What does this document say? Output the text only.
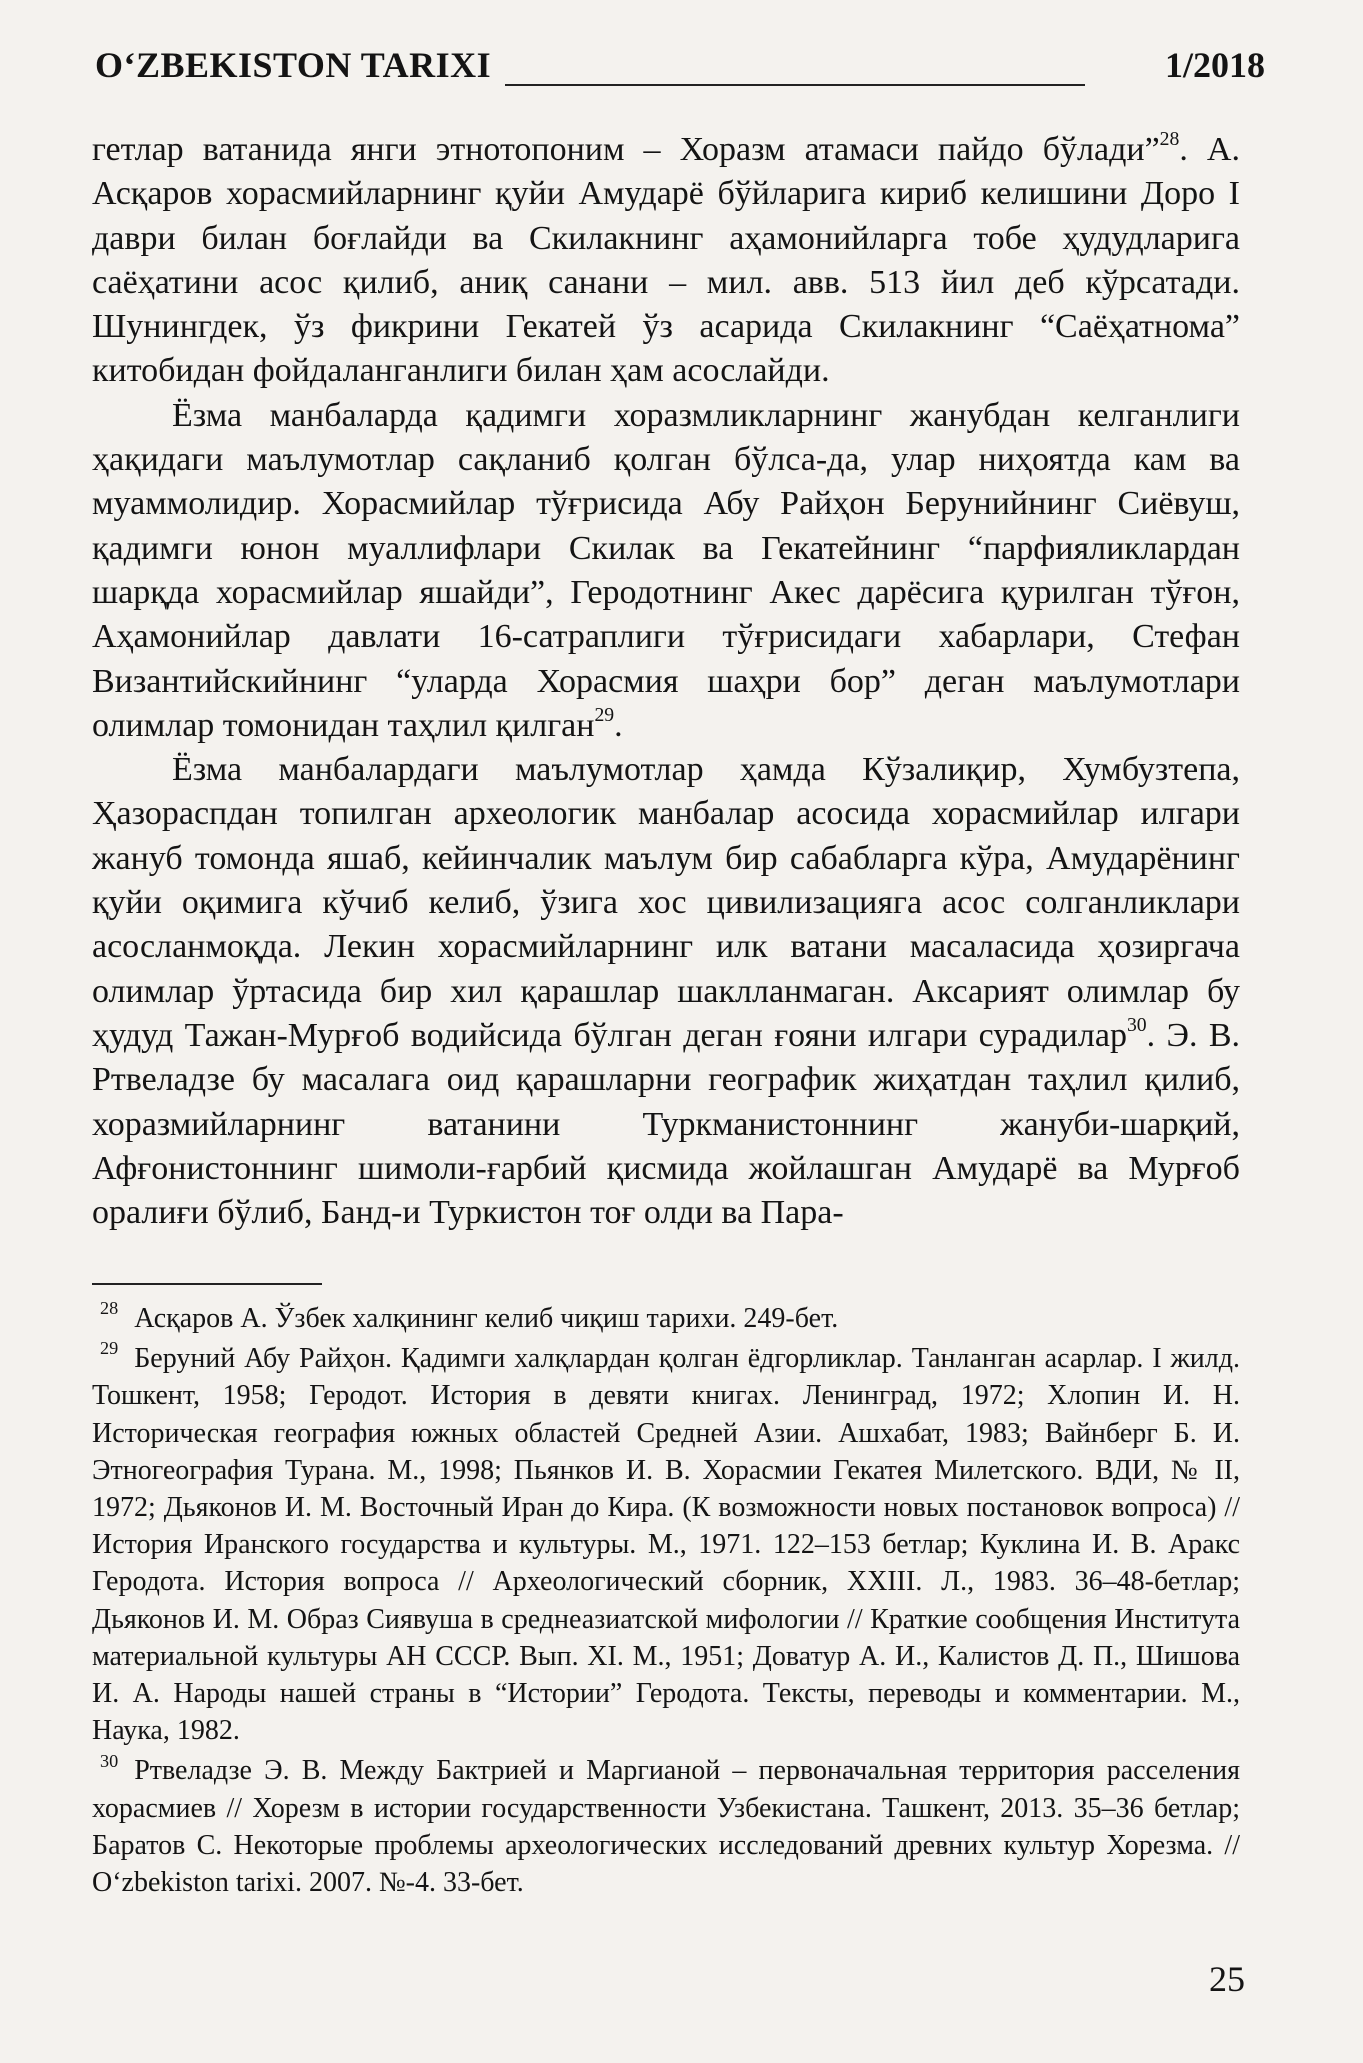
O‘ZBEKISTON TARIXI	1/2018

гетлар ватанида янги этнотопоним – Хоразм атамаси пайдо бўлади”$^{28}$. А. Асқаров хорасмийларнинг қуйи Амударё бўйларига кириб келишини Доро I даври билан боғлайди ва Скилакнинг аҳамонийларга тобе ҳудудларига саёҳатини асос қилиб, аниқ санани – мил. авв. 513 йил деб кўрсатади. Шунингдек, ўз фикрини Гекатей ўз асарида Скилакнинг “Саёҳатнома” китобидан фойдаланганлиги билан ҳам асослайди.

Ёзма манбаларда қадимги хоразмликларнинг жанубдан келганлиги ҳақидаги маълумотлар сақланиб қолган бўлса-да, улар ниҳоятда кам ва муаммолидир. Хорасмийлар тўғрисида Абу Райҳон Берунийнинг Сиёвуш, қадимги юнон муаллифлари Скилак ва Гекатейнинг “парфияликлардан шарқда хорасмийлар яшайди”, Геродотнинг Акес дарёсига қурилган тўғон, Аҳамонийлар давлати 16-сатраплиги тўғрисидаги хабарлари, Стефан Византийскийнинг “уларда Хорасмия шаҳри бор” деган маълумотлари олимлар томонидан таҳлил қилган$^{29}$.

Ёзма манбалардаги маълумотлар ҳамда Кўзалиқир, Хумбузтепа, Ҳазораспдан топилган археологик манбалар асосида хорасмийлар илгари жануб томонда яшаб, кейинчалик маълум бир сабабларга кўра, Амударёнинг қуйи оқимига кўчиб келиб, ўзига хос цивилизацияга асос солганликлари асосланмоқда. Лекин хорасмийларнинг илк ватани масаласида ҳозиргача олимлар ўртасида бир хил қарашлар шаклланмаган. Аксарият олимлар бу ҳудуд Тажан-Мурғоб водийсида бўлган деган ғояни илгари сурадилар$^{30}$. Э. В. Ртвеладзе бу масалага оид қарашларни географик жиҳатдан таҳлил қилиб, хоразмийларнинг ватанини Туркманистоннинг жануби-шарқий, Афғонистоннинг шимоли-ғарбий қисмида жойлашган Амударё ва Мурғоб оралиғи бўлиб, Банд-и Туркистон тоғ олди ва Пара-

$^{28}$ Асқаров А. Ўзбек халқининг келиб чиқиш тарихи. 249-бет.

$^{29}$ Беруний Абу Райҳон. Қадимги халқлардан қолган ёдгорликлар. Танланган асарлар. I жилд. Тошкент, 1958; Геродот. История в девяти книгах. Ленинград, 1972; Хлопин И. Н. Историческая география южных областей Средней Азии. Ашхабат, 1983; Вайнберг Б. И. Этногеография Турана. М., 1998; Пьянков И. В. Хорасмии Гекатея Милетского. ВДИ, № II, 1972; Дьяконов И. М. Восточный Иран до Кира. (К возможности новых постановок вопроса) // История Иранского государства и культуры. М., 1971. 122–153 бетлар; Куклина И. В. Аракс Геродота. История вопроса // Археологический сборник, XXIII. Л., 1983. 36–48-бетлар; Дьяконов И. М. Образ Сиявуша в среднеазиатской мифологии // Краткие сообщения Института материальной культуры АН СССР. Вып. XI. М., 1951; Доватур А. И., Калистов Д. П., Шишова И. А. Народы нашей страны в “Истории” Геродота. Тексты, переводы и комментарии. М., Наука, 1982.

$^{30}$ Ртвеладзе Э. В. Между Бактрией и Маргианой – первоначальная территория расселения хорасмиев // Хорезм в истории государственности Узбекистана. Ташкент, 2013. 35–36 бетлар; Баратов С. Некоторые проблемы археологических исследований древних культур Хорезма. // O‘zbekiston tarixi. 2007. №-4. 33-бет.

25
